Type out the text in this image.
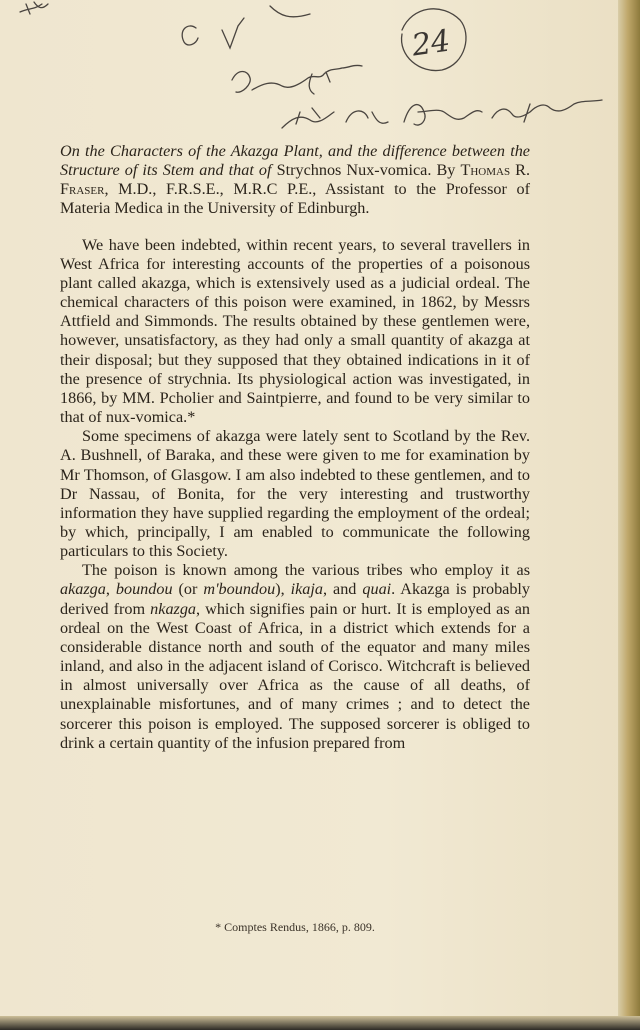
24

On the Characters of the Akazga Plant, and the difference between the Structure of its Stem and that of Strychnos Nux-vomica. By Thomas R. Fraser, M.D., F.R.S.E., M.R.C P.E., Assistant to the Professor of Materia Medica in the University of Edinburgh.

We have been indebted, within recent years, to several travellers in West Africa for interesting accounts of the properties of a poisonous plant called akazga, which is extensively used as a judicial ordeal. The chemical characters of this poison were examined, in 1862, by Messrs Attfield and Simmonds. The results obtained by these gentlemen were, however, unsatisfactory, as they had only a small quantity of akazga at their disposal; but they supposed that they obtained indications in it of the presence of strychnia. Its physiological action was investigated, in 1866, by MM. Pcholier and Saintpierre, and found to be very similar to that of nux-vomica.*

Some specimens of akazga were lately sent to Scotland by the Rev. A. Bushnell, of Baraka, and these were given to me for examination by Mr Thomson, of Glasgow. I am also indebted to these gentlemen, and to Dr Nassau, of Bonita, for the very interesting and trustworthy information they have supplied regarding the employment of the ordeal; by which, principally, I am enabled to communicate the following particulars to this Society.

The poison is known among the various tribes who employ it as akazga, boundou (or m'boundou), ikaja, and quai. Akazga is probably derived from nkazga, which signifies pain or hurt. It is employed as an ordeal on the West Coast of Africa, in a district which extends for a considerable distance north and south of the equator and many miles inland, and also in the adjacent island of Corisco. Witchcraft is believed in almost universally over Africa as the cause of all deaths, of unexplainable misfortunes, and of many crimes ; and to detect the sorcerer this poison is employed. The supposed sorcerer is obliged to drink a certain quantity of the infusion prepared from

* Comptes Rendus, 1866, p. 809.
